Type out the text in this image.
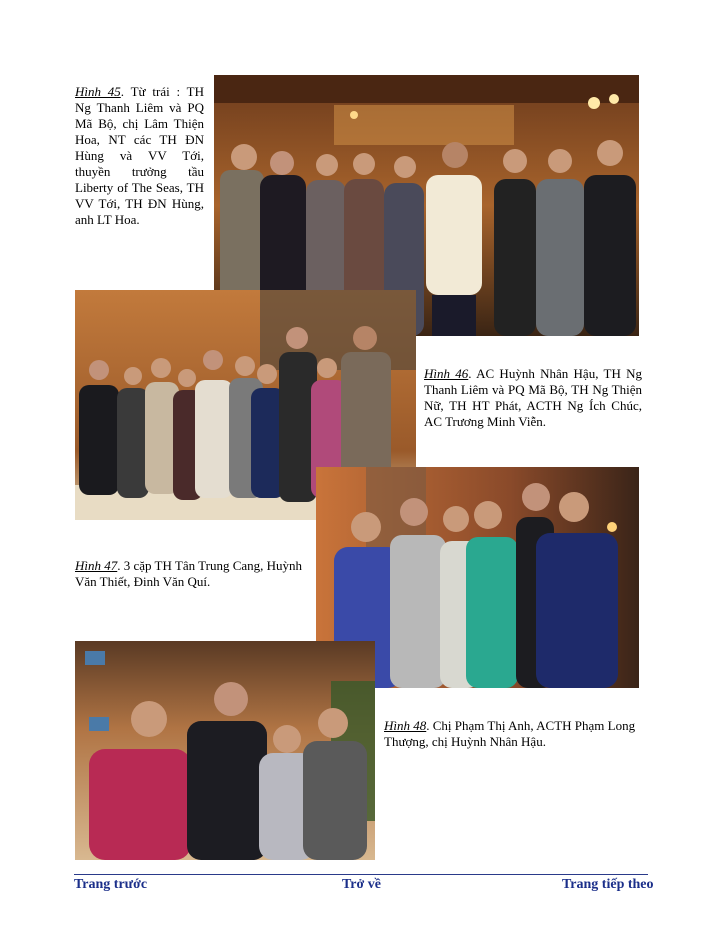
Hình 45. Từ trái : TH Ng Thanh Liêm và PQ Mã Bộ, chị Lâm Thiện Hoa, NT các TH ĐN Hùng và VV Tới, thuyền trưởng tầu Liberty of The Seas, TH VV Tới, TH ĐN Hùng, anh LT Hoa.

Hình 46. AC Huỳnh Nhân Hậu, TH Ng Thanh Liêm và PQ Mã Bộ, TH Ng Thiện Nữ, TH HT Phát, ACTH Ng Ích Chúc, AC Trương Minh Viễn.

Hình 47. 3 cặp TH Tân Trung Cang, Huỳnh Văn Thiết, Đinh Văn Quí.

Hình 48. Chị Phạm Thị Anh, ACTH Phạm Long Thượng, chị Huỳnh Nhân Hậu.

Trang trước	Trở về	Trang tiếp theo
